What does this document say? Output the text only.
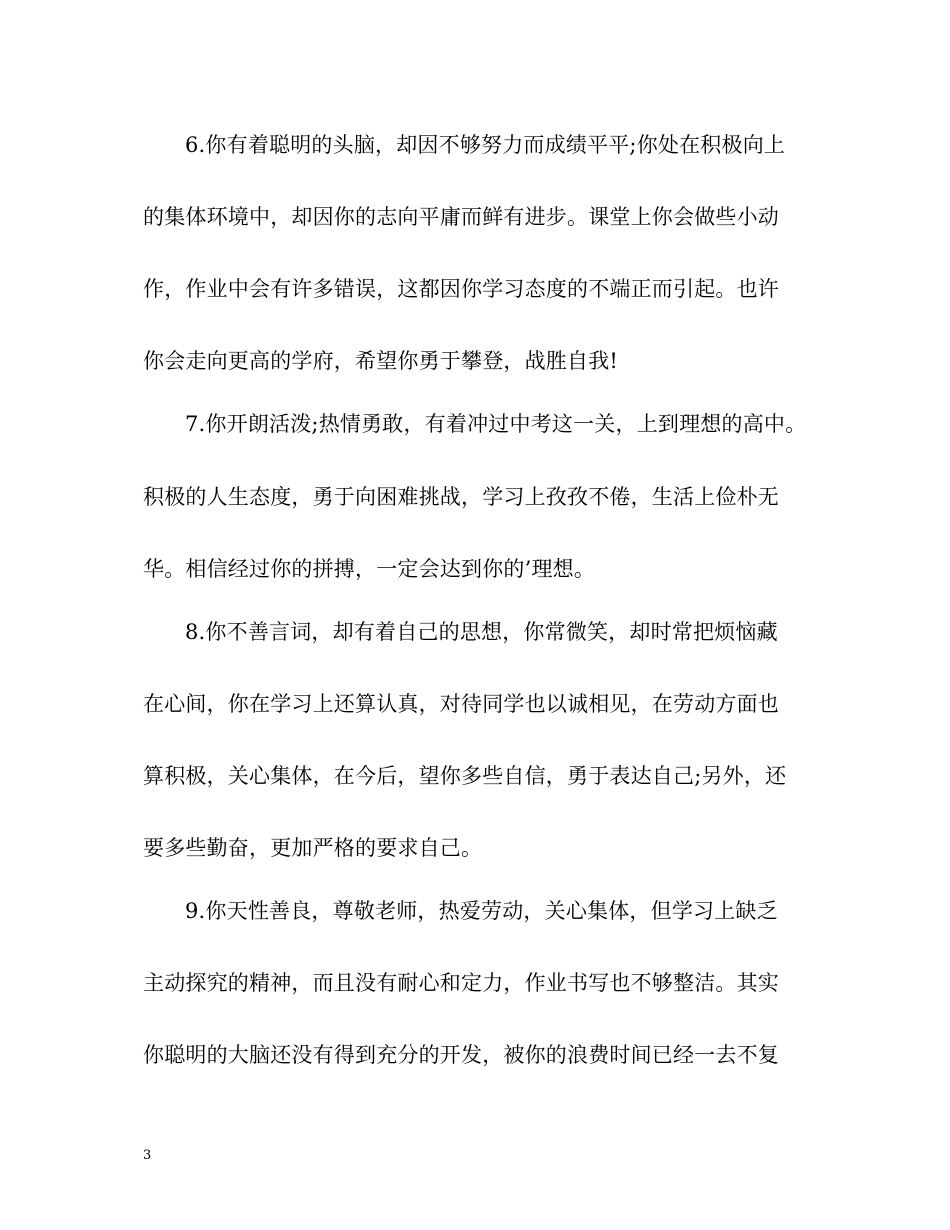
6.你有着聪明的头脑，却因不够努力而成绩平平;你处在积极向上
的集体环境中，却因你的志向平庸而鲜有进步。课堂上你会做些小动
作，作业中会有许多错误，这都因你学习态度的不端正而引起。也许
你会走向更高的学府，希望你勇于攀登，战胜自我!
7.你开朗活泼;热情勇敢，有着冲过中考这一关，上到理想的高中。
积极的人生态度，勇于向困难挑战，学习上孜孜不倦，生活上俭朴无
华。相信经过你的拼搏，一定会达到你的’理想。
8.你不善言词，却有着自己的思想，你常微笑，却时常把烦恼藏
在心间，你在学习上还算认真，对待同学也以诚相见，在劳动方面也
算积极，关心集体，在今后，望你多些自信，勇于表达自己;另外，还
要多些勤奋，更加严格的要求自己。
9.你天性善良，尊敬老师，热爱劳动，关心集体，但学习上缺乏
主动探究的精神，而且没有耐心和定力，作业书写也不够整洁。其实
你聪明的大脑还没有得到充分的开发，被你的浪费时间已经一去不复
3
